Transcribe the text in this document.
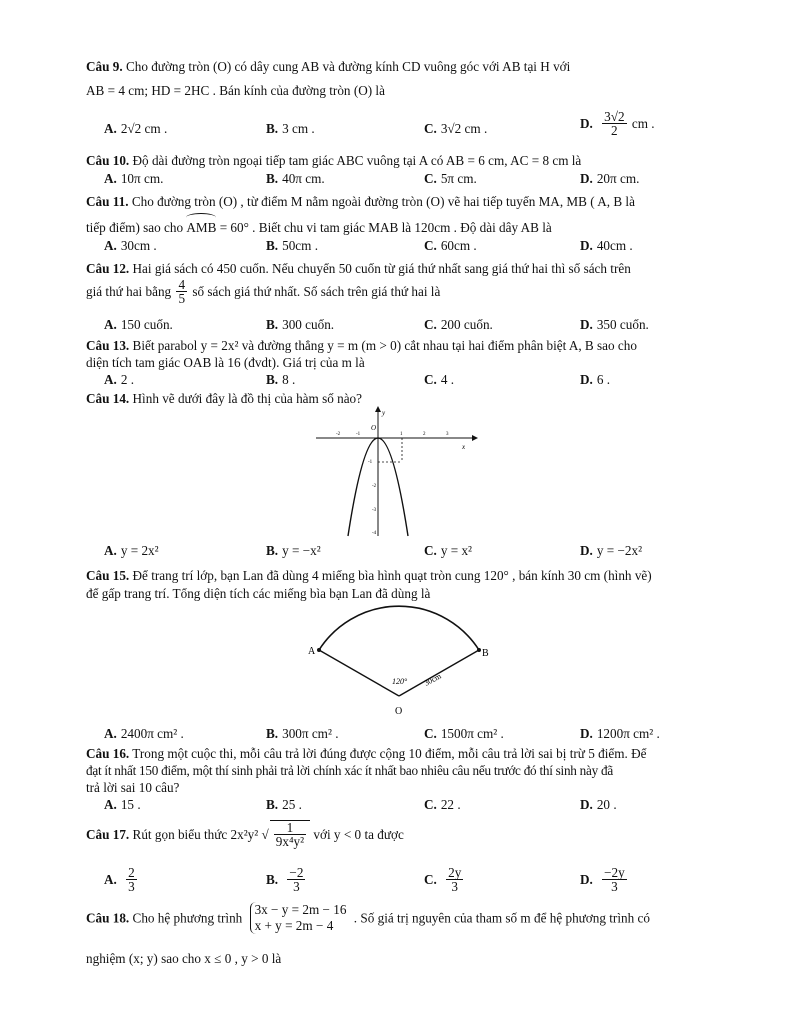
Câu 9. Cho đường tròn (O) có dây cung AB và đường kính CD vuông góc với AB tại H với
AB = 4 cm; HD = 2HC . Bán kính của đường tròn (O) là
A. 2√2 cm .	B. 3 cm .	C. 3√2 cm .	D. $\frac{3√2}{2}$ cm .
Câu 10. Độ dài đường tròn ngoại tiếp tam giác ABC vuông tại A có AB = 6 cm, AC = 8 cm là
A. 10π cm.	B. 40π cm.	C. 5π cm.	D. 20π cm.
Câu 11. Cho đường tròn (O) , từ điểm M nằm ngoài đường tròn (O) vẽ hai tiếp tuyến MA, MB ( A, B là
tiếp điểm) sao cho AMB = 60° . Biết chu vi tam giác MAB là 120cm . Độ dài dây AB là
A. 30cm .	B. 50cm .	C. 60cm .	D. 40cm .
Câu 12. Hai giá sách có 450 cuốn. Nếu chuyển 50 cuốn từ giá thứ nhất sang giá thứ hai thì số sách trên
giá thứ hai bằng $\frac{4}{5}$ số sách giá thứ nhất. Số sách trên giá thứ hai là
A. 150 cuốn.	B. 300 cuốn.	C. 200 cuốn.	D. 350 cuốn.
Câu 13. Biết parabol y = 2x² và đường thẳng y = m (m > 0) cắt nhau tại hai điểm phân biệt A, B sao cho
diện tích tam giác OAB là 16 (đvdt). Giá trị của m là
A. 2 .	B. 8 .	C. 4 .	D. 6 .
Câu 14. Hình vẽ dưới đây là đồ thị của hàm số nào?
y
x
O
-2	-1	1	2	3
-1
-2
-3
-4
A. y = 2x²	B. y = −x²	C. y = x²	D. y = −2x²
Câu 15. Để trang trí lớp, bạn Lan đã dùng 4 miếng bìa hình quạt tròn cung 120° , bán kính 30 cm (hình vẽ)
để gấp trang trí. Tổng diện tích các miếng bìa bạn Lan đã dùng là
A	B
120° 30cm
O
A. 2400π cm² .	B. 300π cm² .	C. 1500π cm² .	D. 1200π cm² .
Câu 16. Trong một cuộc thi, mỗi câu trả lời đúng được cộng 10 điểm, mỗi câu trả lời sai bị trừ 5 điểm. Để
đạt ít nhất 150 điểm, một thí sinh phải trả lời chính xác ít nhất bao nhiêu câu nếu trước đó thí sinh này đã
trả lời sai 10 câu?
A. 15 .	B. 25 .	C. 22 .	D. 20 .
Câu 17. Rút gọn biểu thức 2x²y² √ $\frac{1}{\text{9x⁴y²}}$ với y < 0 ta được
A. $\frac{2}{3}$	B. $\frac{-2}{3}$	C. $\frac{2y}{3}$	D. $\frac{-2y}{3}$
Câu 18. Cho hệ phương trình
3x − y = 2m − 16
x + y = 2m − 4	. Số giá trị nguyên của tham số m để hệ phương trình có
nghiệm (x; y) sao cho x ≤ 0 , y > 0 là
